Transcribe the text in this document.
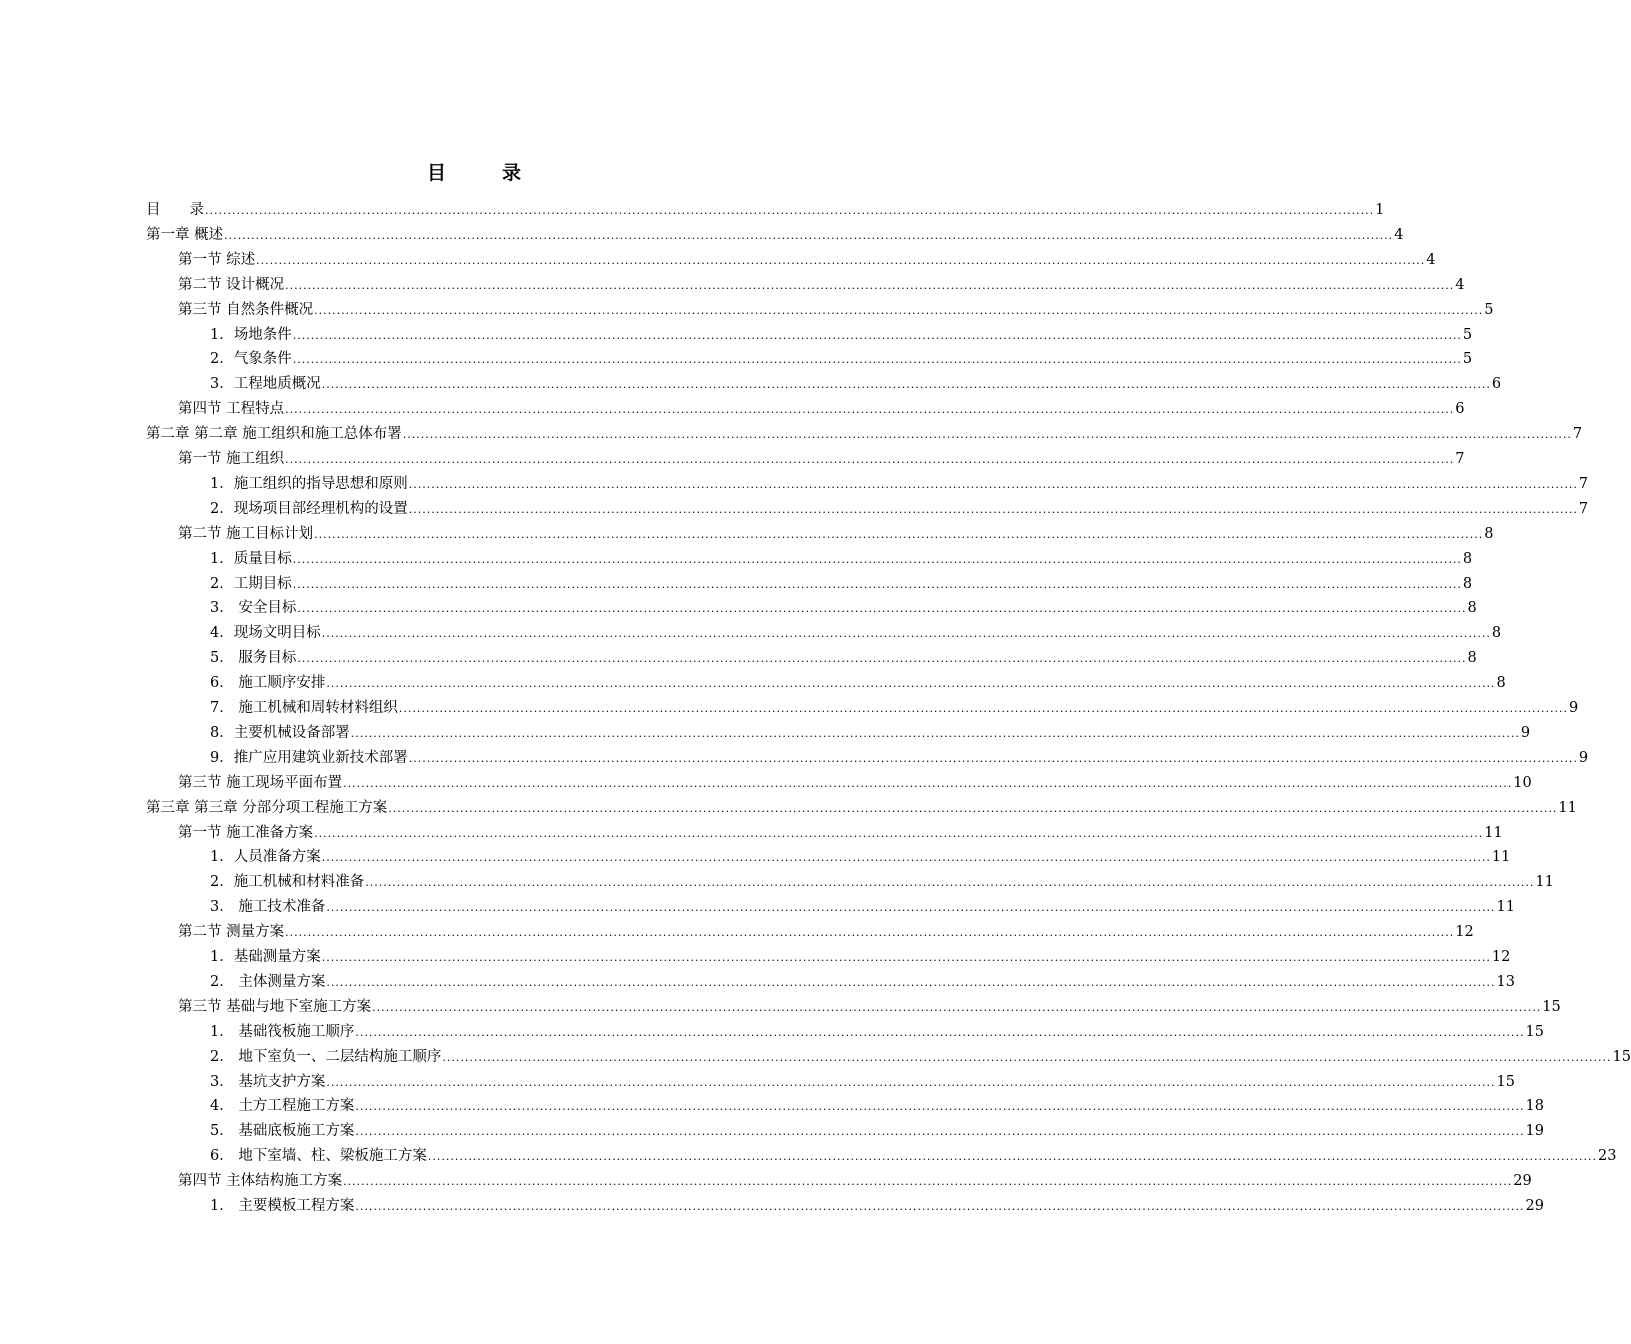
目	录
目　　录 .................................................................................................................................................................................................................................................................... 1
第一章 概述 .................................................................................................................................................................................................................................................................... 4
第一节 综述 .................................................................................................................................................................................................................................................................... 4
第二节 设计概况 .................................................................................................................................................................................................................................................................... 4
第三节 自然条件概况 .................................................................................................................................................................................................................................................................... 5
1．场地条件 .................................................................................................................................................................................................................................................................... 5
2．气象条件 .................................................................................................................................................................................................................................................................... 5
3．工程地质概况 .................................................................................................................................................................................................................................................................... 6
第四节 工程特点 .................................................................................................................................................................................................................................................................... 6
第二章 第二章 施工组织和施工总体布署 .................................................................................................................................................................................................................................................................... 7
第一节 施工组织 .................................................................................................................................................................................................................................................................... 7
1．施工组织的指导思想和原则 .................................................................................................................................................................................................................................................................... 7
2．现场项目部经理机构的设置 .................................................................................................................................................................................................................................................................... 7
第二节 施工目标计划 .................................................................................................................................................................................................................................................................... 8
1．质量目标 .................................................................................................................................................................................................................................................................... 8
2．工期目标 .................................................................................................................................................................................................................................................................... 8
3． 安全目标 .................................................................................................................................................................................................................................................................... 8
4．现场文明目标 .................................................................................................................................................................................................................................................................... 8
5． 服务目标 .................................................................................................................................................................................................................................................................... 8
6． 施工顺序安排 .................................................................................................................................................................................................................................................................... 8
7． 施工机械和周转材料组织 .................................................................................................................................................................................................................................................................... 9
8．主要机械设备部署 .................................................................................................................................................................................................................................................................... 9
9．推广应用建筑业新技术部署 .................................................................................................................................................................................................................................................................... 9
第三节 施工现场平面布置 .................................................................................................................................................................................................................................................................... 10
第三章 第三章 分部分项工程施工方案 .................................................................................................................................................................................................................................................................... 11
第一节 施工准备方案 .................................................................................................................................................................................................................................................................... 11
1．人员准备方案 .................................................................................................................................................................................................................................................................... 11
2．施工机械和材料准备 .................................................................................................................................................................................................................................................................... 11
3． 施工技术准备 .................................................................................................................................................................................................................................................................... 11
第二节 测量方案 .................................................................................................................................................................................................................................................................... 12
1．基础测量方案 .................................................................................................................................................................................................................................................................... 12
2． 主体测量方案 .................................................................................................................................................................................................................................................................... 13
第三节 基础与地下室施工方案 .................................................................................................................................................................................................................................................................... 15
1． 基础筏板施工顺序 .................................................................................................................................................................................................................................................................... 15
2． 地下室负一、二层结构施工顺序 .................................................................................................................................................................................................................................................................... 15
3． 基坑支护方案 .................................................................................................................................................................................................................................................................... 15
4． 土方工程施工方案 .................................................................................................................................................................................................................................................................... 18
5． 基础底板施工方案 .................................................................................................................................................................................................................................................................... 19
6． 地下室墙、柱、梁板施工方案 .................................................................................................................................................................................................................................................................... 23
第四节 主体结构施工方案 .................................................................................................................................................................................................................................................................... 29
1． 主要模板工程方案 .................................................................................................................................................................................................................................................................... 29
